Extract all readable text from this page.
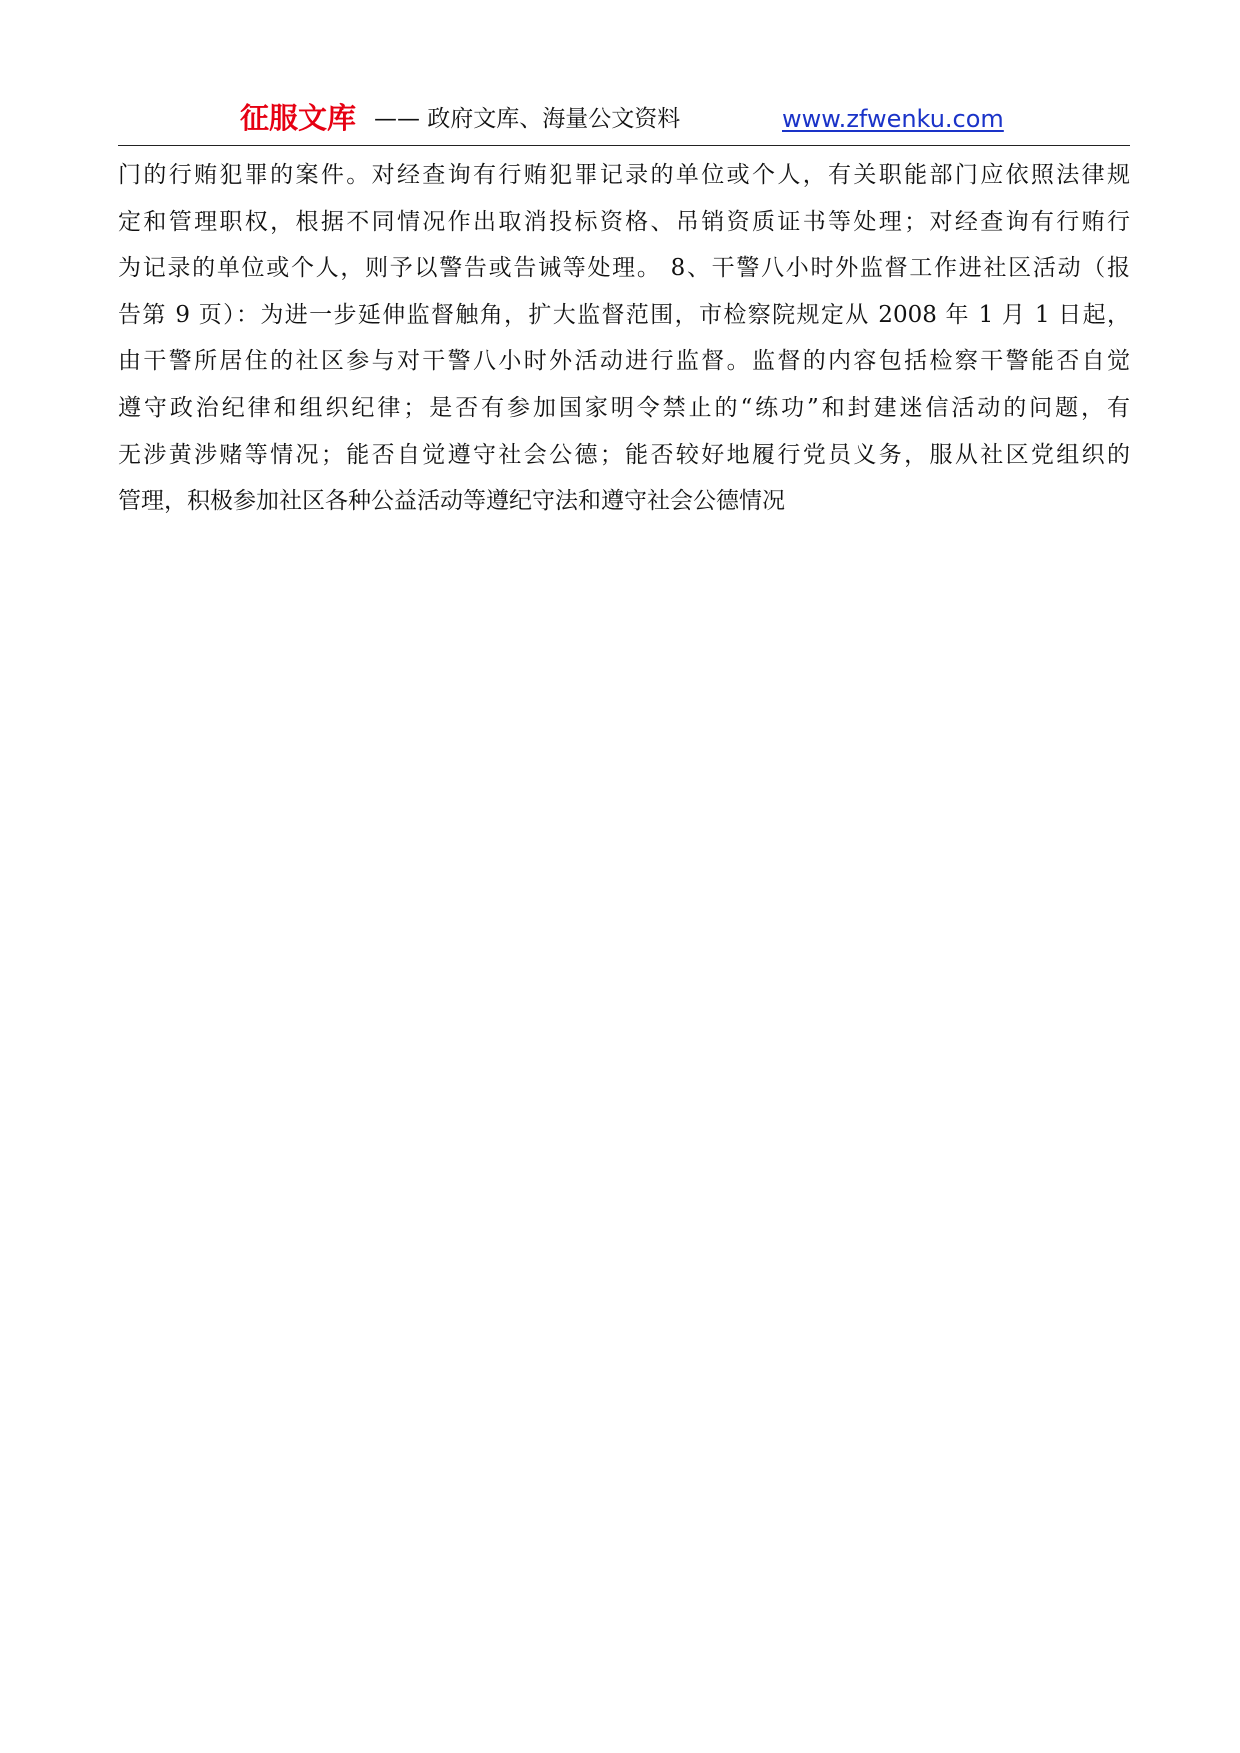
征服文库 —— 政府文库、海量公文资料	www.zfwenku.com
门的行贿犯罪的案件。对经查询有行贿犯罪记录的单位或个人，有关职能部门应依照法律规
定和管理职权，根据不同情况作出取消投标资格、吊销资质证书等处理；对经查询有行贿行
为记录的单位或个人，则予以警告或告诫等处理。 8、干警八小时外监督工作进社区活动（报
告第 9 页）：为进一步延伸监督触角，扩大监督范围，市检察院规定从 2008 年 1 月 1 日起，
由干警所居住的社区参与对干警八小时外活动进行监督。监督的内容包括检察干警能否自觉
遵守政治纪律和组织纪律；是否有参加国家明令禁止的“练功”和封建迷信活动的问题，有
无涉黄涉赌等情况；能否自觉遵守社会公德；能否较好地履行党员义务，服从社区党组织的
管理，积极参加社区各种公益活动等遵纪守法和遵守社会公德情况
